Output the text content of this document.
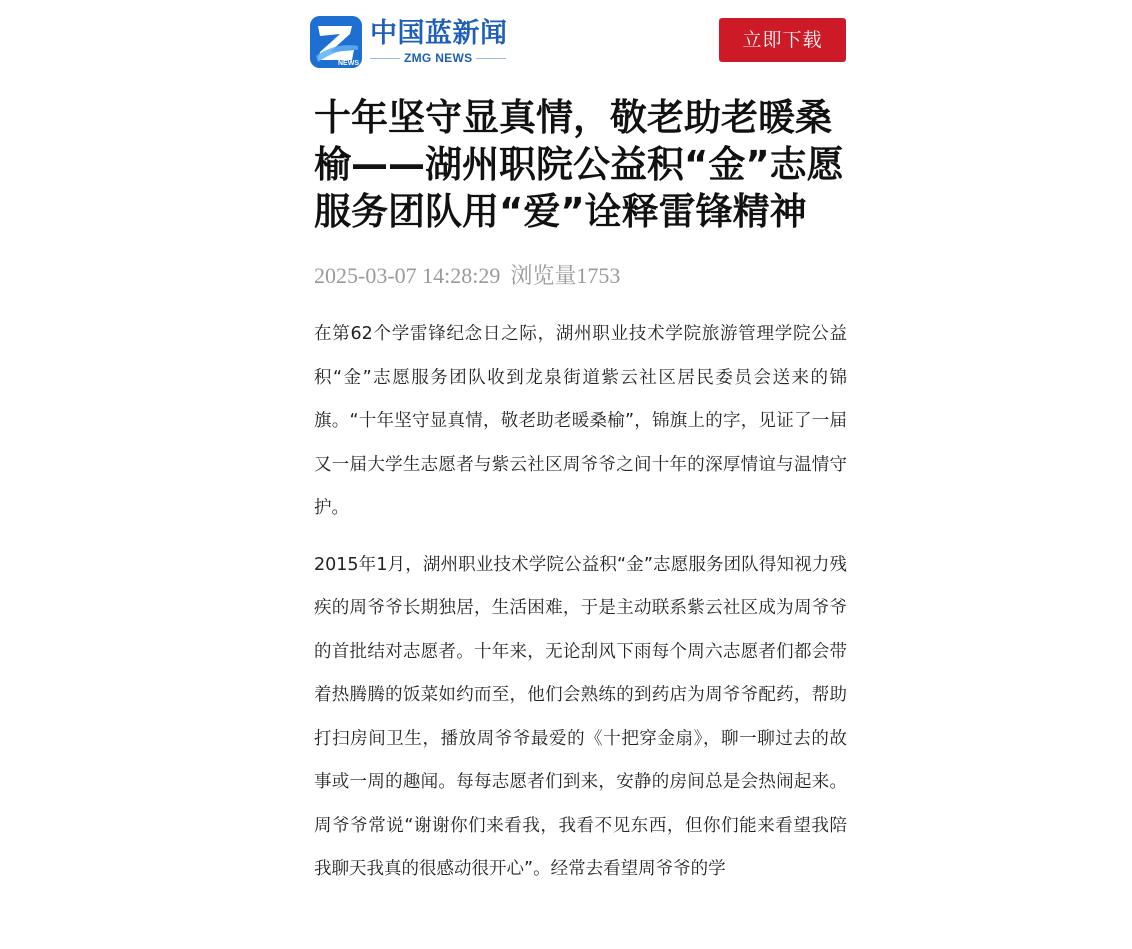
NEWS
中国蓝新闻
ZMG NEWS
立即下载
十年坚守显真情，敬老助老暖桑榆——湖州职院公益积“金”志愿服务团队用“爱”诠释雷锋精神
2025-03-07 14:28:29 浏览量1753

在第62个学雷锋纪念日之际，湖州职业技术学院旅游管理学院公益积“金”志愿服务团队收到龙泉街道紫云社区居民委员会送来的锦旗。“十年坚守显真情，敬老助老暖桑榆”，锦旗上的字，见证了一届又一届大学生志愿者与紫云社区周爷爷之间十年的深厚情谊与温情守护。

2015年1月，湖州职业技术学院公益积“金”志愿服务团队得知视力残疾的周爷爷长期独居，生活困难，于是主动联系紫云社区成为周爷爷的首批结对志愿者。十年来，无论刮风下雨每个周六志愿者们都会带着热腾腾的饭菜如约而至，他们会熟练的到药店为周爷爷配药，帮助打扫房间卫生，播放周爷爷最爱的《十把穿金扇》，聊一聊过去的故事或一周的趣闻。每每志愿者们到来，安静的房间总是会热闹起来。周爷爷常说“谢谢你们来看我，我看不见东西，但你们能来看望我陪我聊天我真的很感动很开心”。经常去看望周爷爷的学
